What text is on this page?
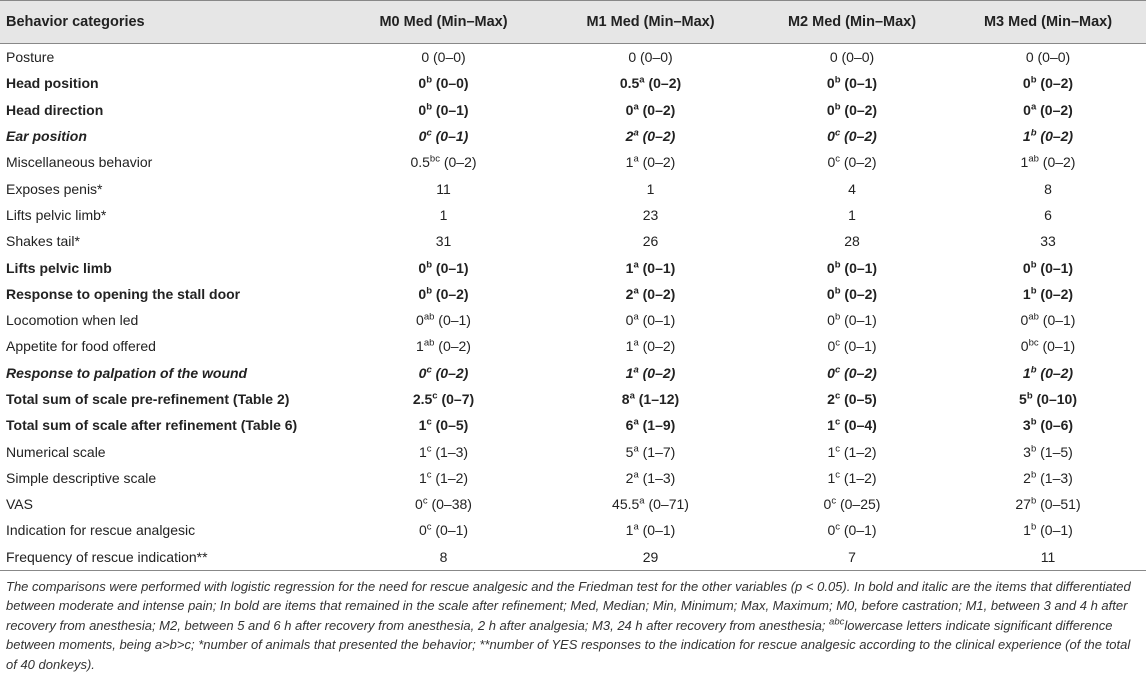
Behavior categories	M0 Med (Min–Max)	M1 Med (Min–Max)	M2 Med (Min–Max)	M3 Med (Min–Max)
Posture	0 (0–0)	0 (0–0)	0 (0–0)	0 (0–0)
Head position	0$^b$ (0–0)	0.5$^a$ (0–2)	0$^b$ (0–1)	0$^b$ (0–2)
Head direction	0$^b$ (0–1)	0$^a$ (0–2)	0$^b$ (0–2)	0$^a$ (0–2)
Ear position	0$^c$ (0–1)	2$^a$ (0–2)	0$^c$ (0–2)	1$^b$ (0–2)
Miscellaneous behavior	0.5$^{bc}$ (0–2)	1$^a$ (0–2)	0$^c$ (0–2)	$1^{ab}$ (0–2)
Exposes penis*	11	1	4	8
Lifts pelvic limb*	1	23	1	6
Shakes tail*	31	26	28	33
Lifts pelvic limb	0$^b$ (0–1)	1$^a$ (0–1)	0$^b$ (0–1)	0$^b$ (0–1)
Response to opening the stall door	0$^b$ (0–2)	2$^a$ (0–2)	0$^b$ (0–2)	1$^b$ (0–2)
Locomotion when led	$0^{ab}$ (0–1)	0$^a$ (0–1)	0$^b$ (0–1)	$0^{ab}$ (0–1)
Appetite for food offered	$1^{ab}$ (0–2)	1$^a$ (0–2)	0$^c$ (0–1)	$0^{bc}$ (0–1)
Response to palpation of the wound	0$^c$ (0–2)	1$^a$ (0–2)	0$^c$ (0–2)	1$^b$ (0–2)
Total sum of scale pre-refinement (Table 2)	2.5$^c$ (0–7)	8$^a$ (1–12)	2$^c$ (0–5)	5$^b$ (0–10)
Total sum of scale after refinement (Table 6)	1$^c$ (0–5)	6$^a$ (1–9)	1$^c$ (0–4)	3$^b$ (0–6)
Numerical scale	1$^c$ (1–3)	5$^a$ (1–7)	1$^c$ (1–2)	3$^b$ (1–5)
Simple descriptive scale	1$^c$ (1–2)	2$^a$ (1–3)	1$^c$ (1–2)	2$^b$ (1–3)
VAS	0$^c$ (0–38)	45.5$^a$ (0–71)	0$^c$ (0–25)	27$^b$ (0–51)
Indication for rescue analgesic	0$^c$ (0–1)	1$^a$ (0–1)	0$^c$ (0–1)	1$^b$ (0–1)
Frequency of rescue indication**	8	29	7	11
The comparisons were performed with logistic regression for the need for rescue analgesic and the Friedman test for the other variables (p < 0.05). In bold and italic are the items that differentiated between moderate and intense pain; In bold are items that remained in the scale after refinement; Med, Median; Min, Minimum; Max, Maximum; M0, before castration; M1, between 3 and 4 h after recovery from anesthesia; M2, between 5 and 6 h after recovery from anesthesia, 2 h after analgesia; M3, 24 h after recovery from anesthesia; $^{abc}$lowercase letters indicate significant difference between moments, being a>b>c; *number of animals that presented the behavior; **number of YES responses to the indication for rescue analgesic according to the clinical experience (of the total of 40 donkeys).
